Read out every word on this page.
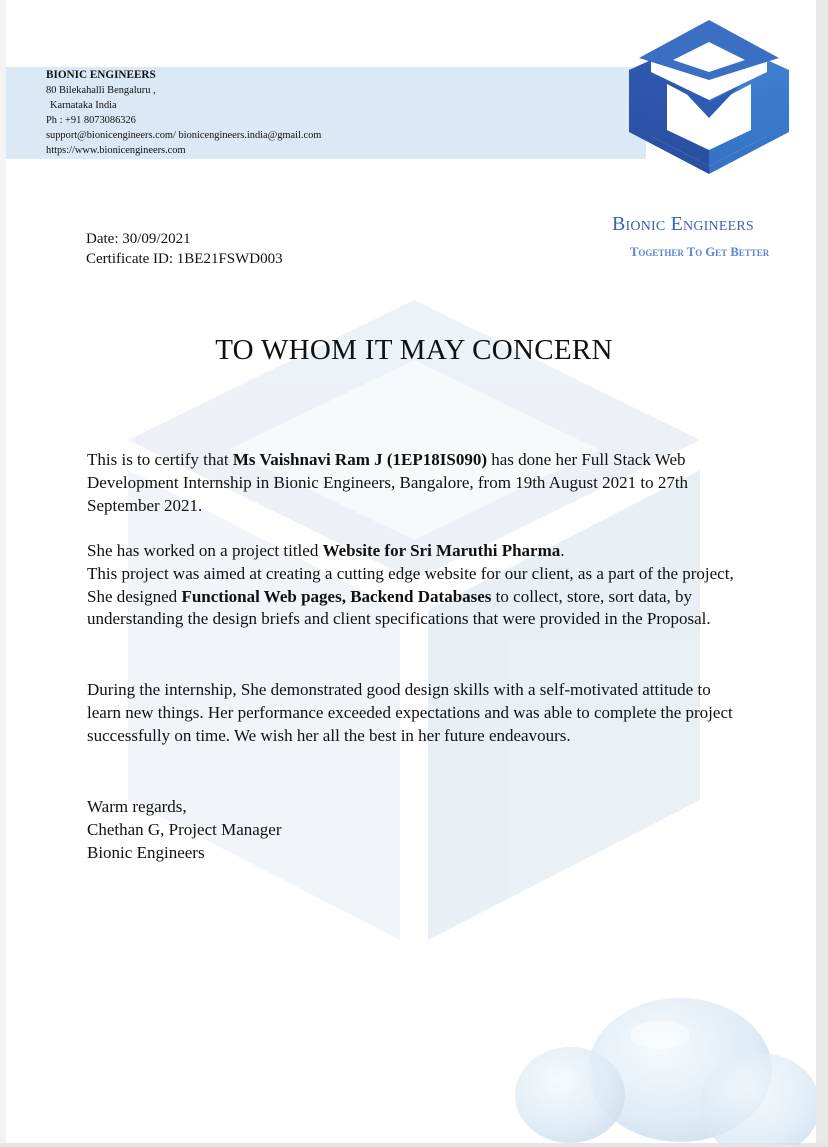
BIONIC ENGINEERS
80 Bilekahalli Bengaluru ,
Karnataka India
Ph : +91 8073086326
support@bionicengineers.com/ bionicengineers.india@gmail.com
https://www.bionicengineers.com
Bionic Engineers
Together To Get Better
Date: 30/09/2021
Certificate ID: 1BE21FSWD003
TO WHOM IT MAY CONCERN
This is to certify that Ms Vaishnavi Ram J (1EP18IS090) has done her Full Stack Web Development Internship in Bionic Engineers, Bangalore, from 19th August 2021 to 27th September 2021.
She has worked on a project titled Website for Sri Maruthi Pharma.
This project was aimed at creating a cutting edge website for our client, as a part of the project, She designed Functional Web pages, Backend Databases to collect, store, sort data, by understanding the design briefs and client specifications that were provided in the Proposal.
During the internship, She demonstrated good design skills with a self-motivated attitude to learn new things. Her performance exceeded expectations and was able to complete the project successfully on time. We wish her all the best in her future endeavours.
Warm regards,
Chethan G, Project Manager
Bionic Engineers
